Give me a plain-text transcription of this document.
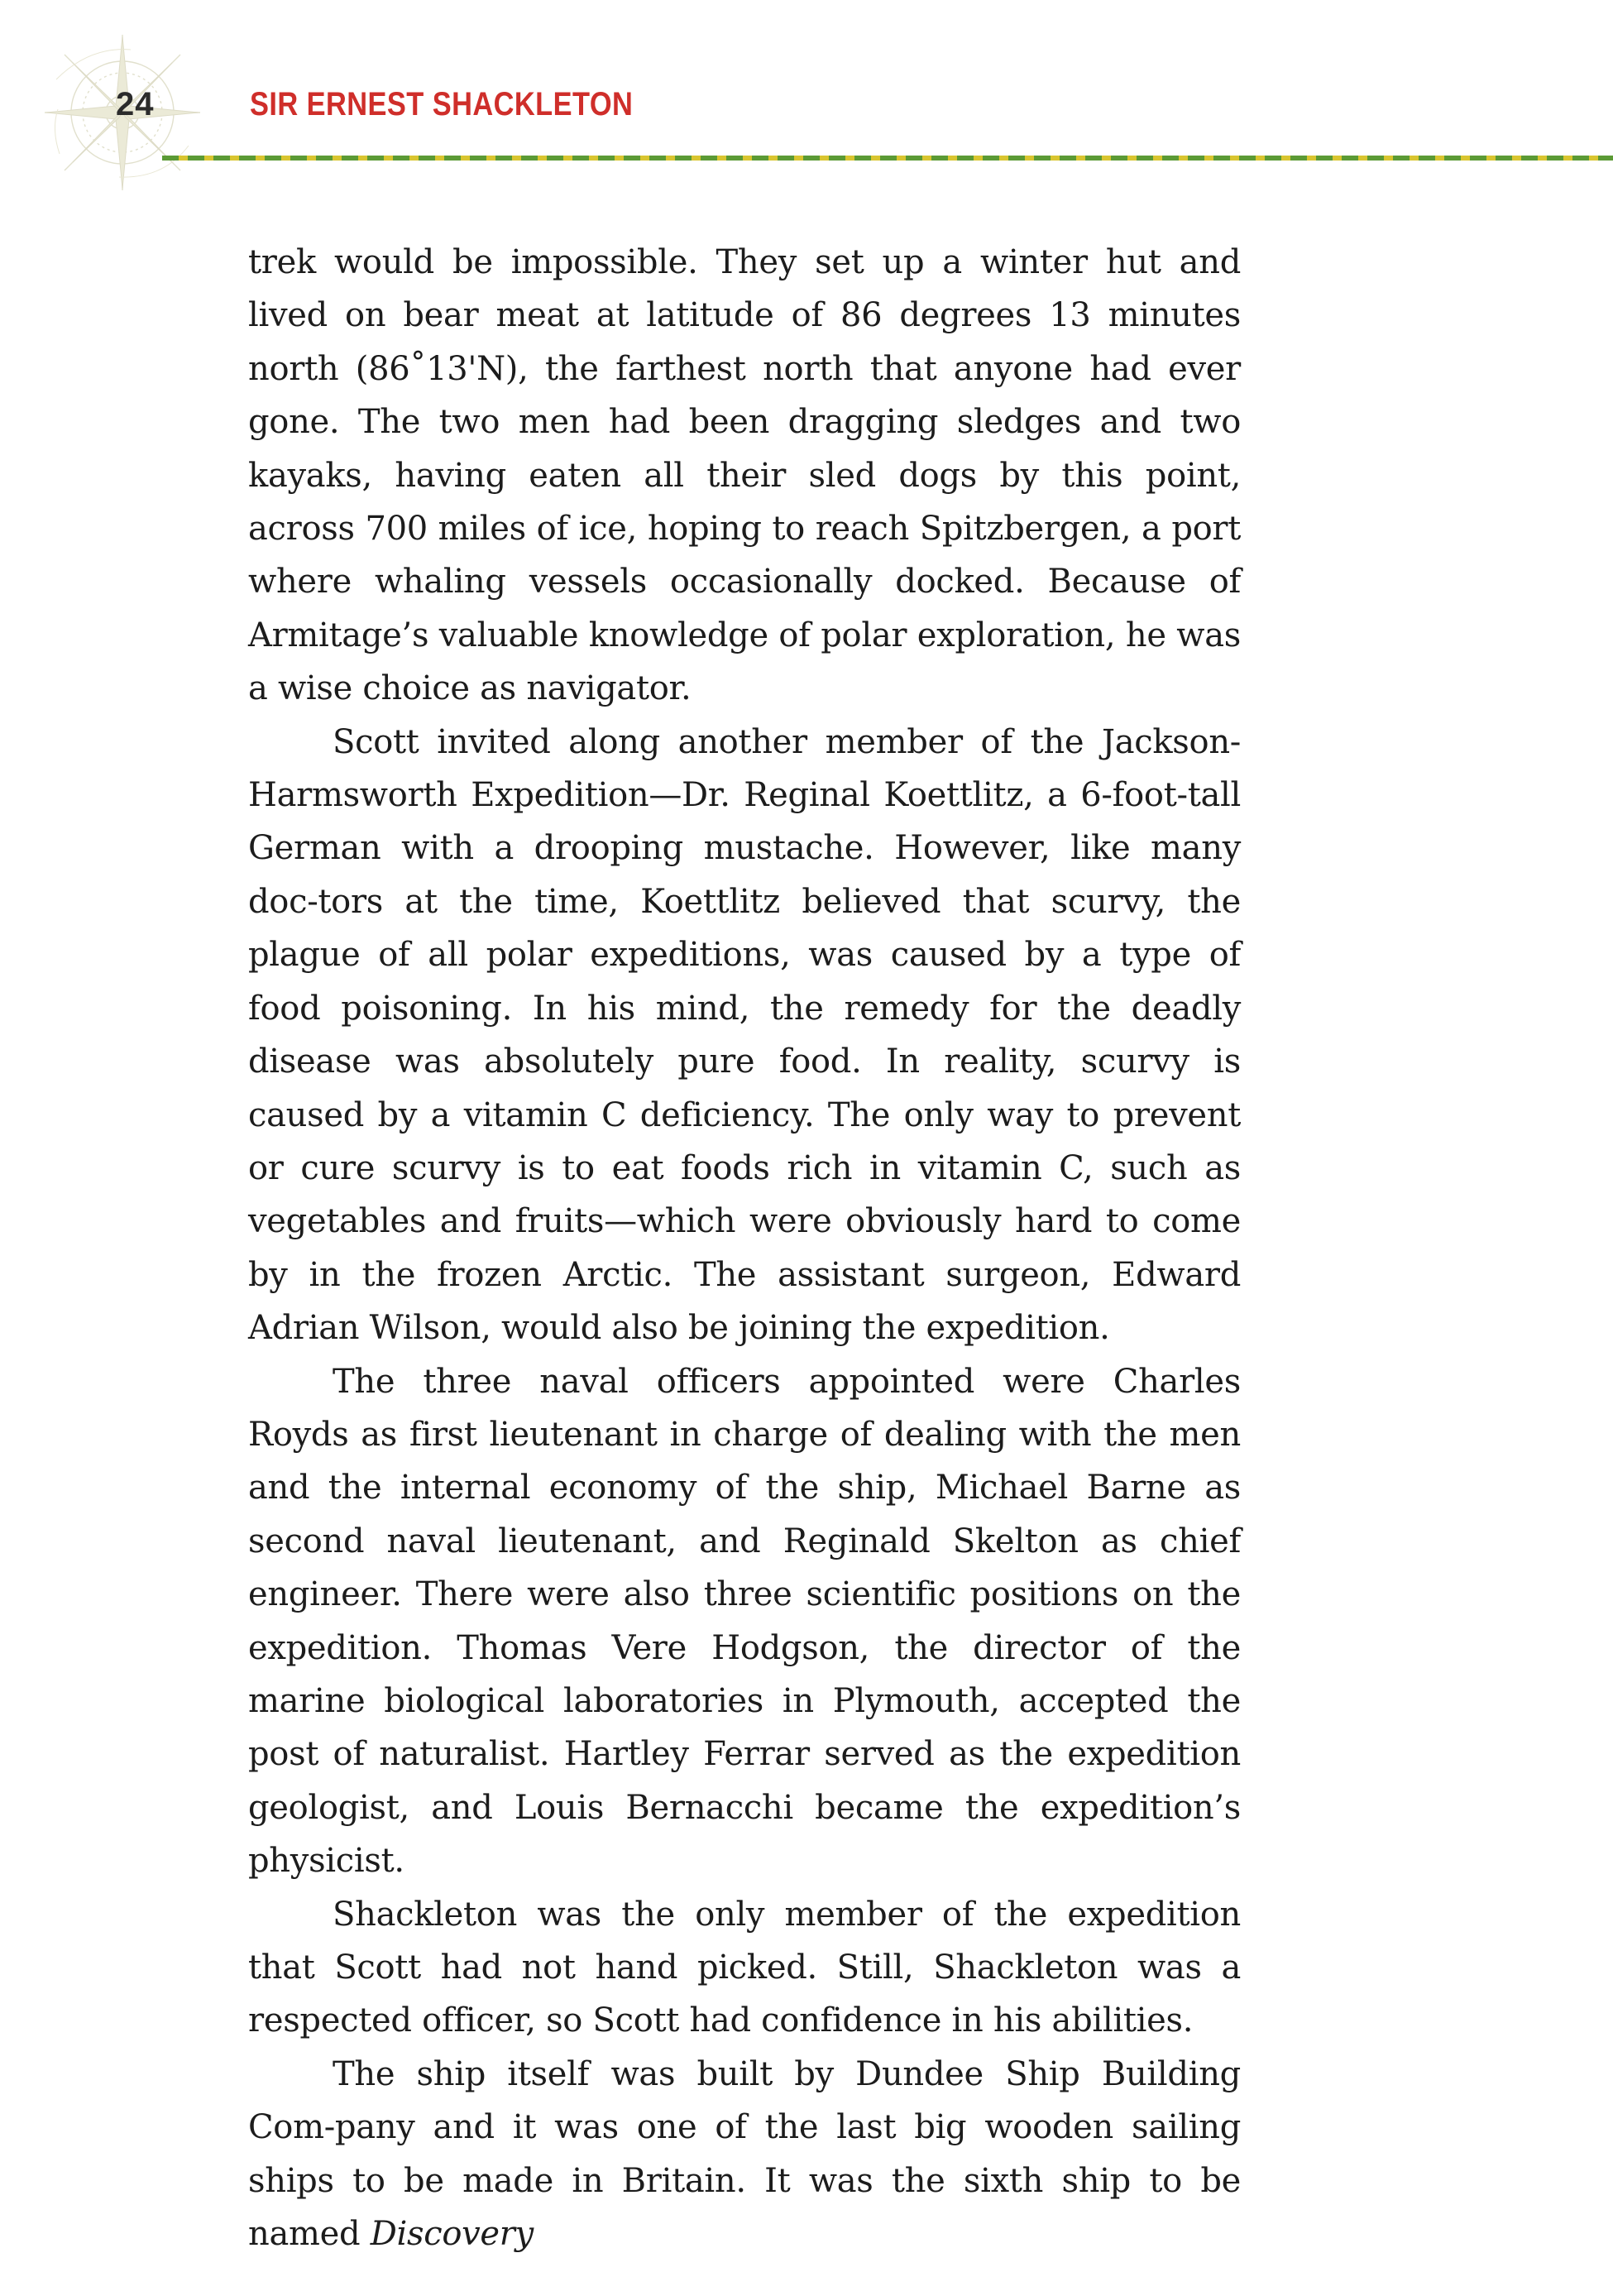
24	SIR ERNEST SHACKLETON

trek would be impossible. They set up a winter hut and lived on bear meat at latitude of 86 degrees 13 minutes north (86˚13'N), the farthest north that anyone had ever gone. The two men had been dragging sledges and two kayaks, having eaten all their sled dogs by this point, across 700 miles of ice, hoping to reach Spitzbergen, a port where whaling vessels occasionally docked. Because of Armitage’s valuable knowledge of polar exploration, he was a wise choice as navigator.

Scott invited along another member of the Jackson-Harmsworth Expedition—Dr. Reginal Koettlitz, a 6-foot-tall German with a drooping mustache. However, like many doc-tors at the time, Koettlitz believed that scurvy, the plague of all polar expeditions, was caused by a type of food poisoning. In his mind, the remedy for the deadly disease was absolutely pure food. In reality, scurvy is caused by a vitamin C deficiency. The only way to prevent or cure scurvy is to eat foods rich in vitamin C, such as vegetables and fruits—which were obviously hard to come by in the frozen Arctic. The assistant surgeon, Edward Adrian Wilson, would also be joining the expedition.

The three naval officers appointed were Charles Royds as first lieutenant in charge of dealing with the men and the internal economy of the ship, Michael Barne as second naval lieutenant, and Reginald Skelton as chief engineer. There were also three scientific positions on the expedition. Thomas Vere Hodgson, the director of the marine biological laboratories in Plymouth, accepted the post of naturalist. Hartley Ferrar served as the expedition geologist, and Louis Bernacchi became the expedition’s physicist.

Shackleton was the only member of the expedition that Scott had not hand picked. Still, Shackleton was a respected officer, so Scott had confidence in his abilities.

The ship itself was built by Dundee Ship Building Com-pany and it was one of the last big wooden sailing ships to be made in Britain. It was the sixth ship to be named Discovery
